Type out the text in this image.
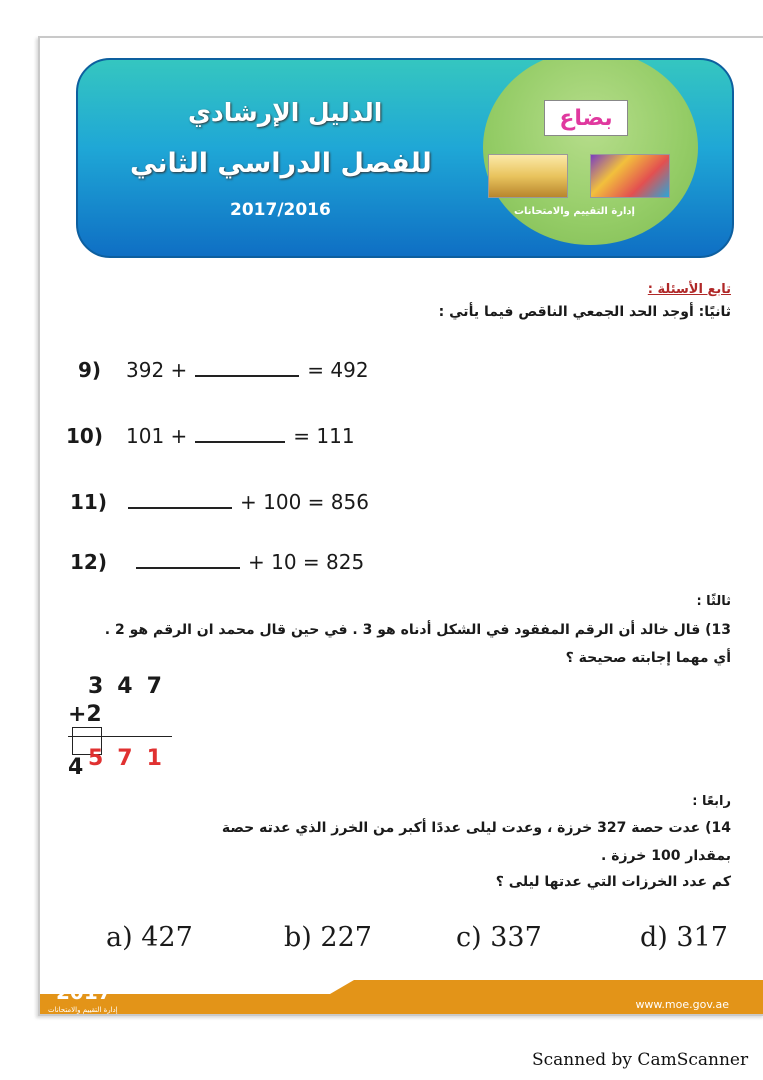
بضاع
إدارة التقييم والامتحانات
الدليل الإرشادي
للفصل الدراسي الثاني
2017/2016
تابع الأسئلة :
ثانيًا: أوجد الحد الجمعي الناقص فيما يأتي :
9) 392 +	= 492
10) 101 +	= 111
11)	+ 100 = 856
12)	+ 10 = 825
ثالثًا :
13) قال خالد أن الرقم المفقود في الشكل أدناه هو 3 . في حين قال محمد ان الرقم هو 2 .
أي مهما إجابته صحيحة ؟
347
+24 571
رابعًا :
14) عدت حصة 327 خرزة ، وعدت ليلى عددًا أكبر من الخرز الذي عدته حصة
بمقدار 100 خرزة .
كم عدد الخرزات التي عدتها ليلى ؟
a) 427	b) 227	c) 337	d) 317
2017
إدارة التقييم والامتحانات	www.moe.gov.ae
Scanned by CamScanner
